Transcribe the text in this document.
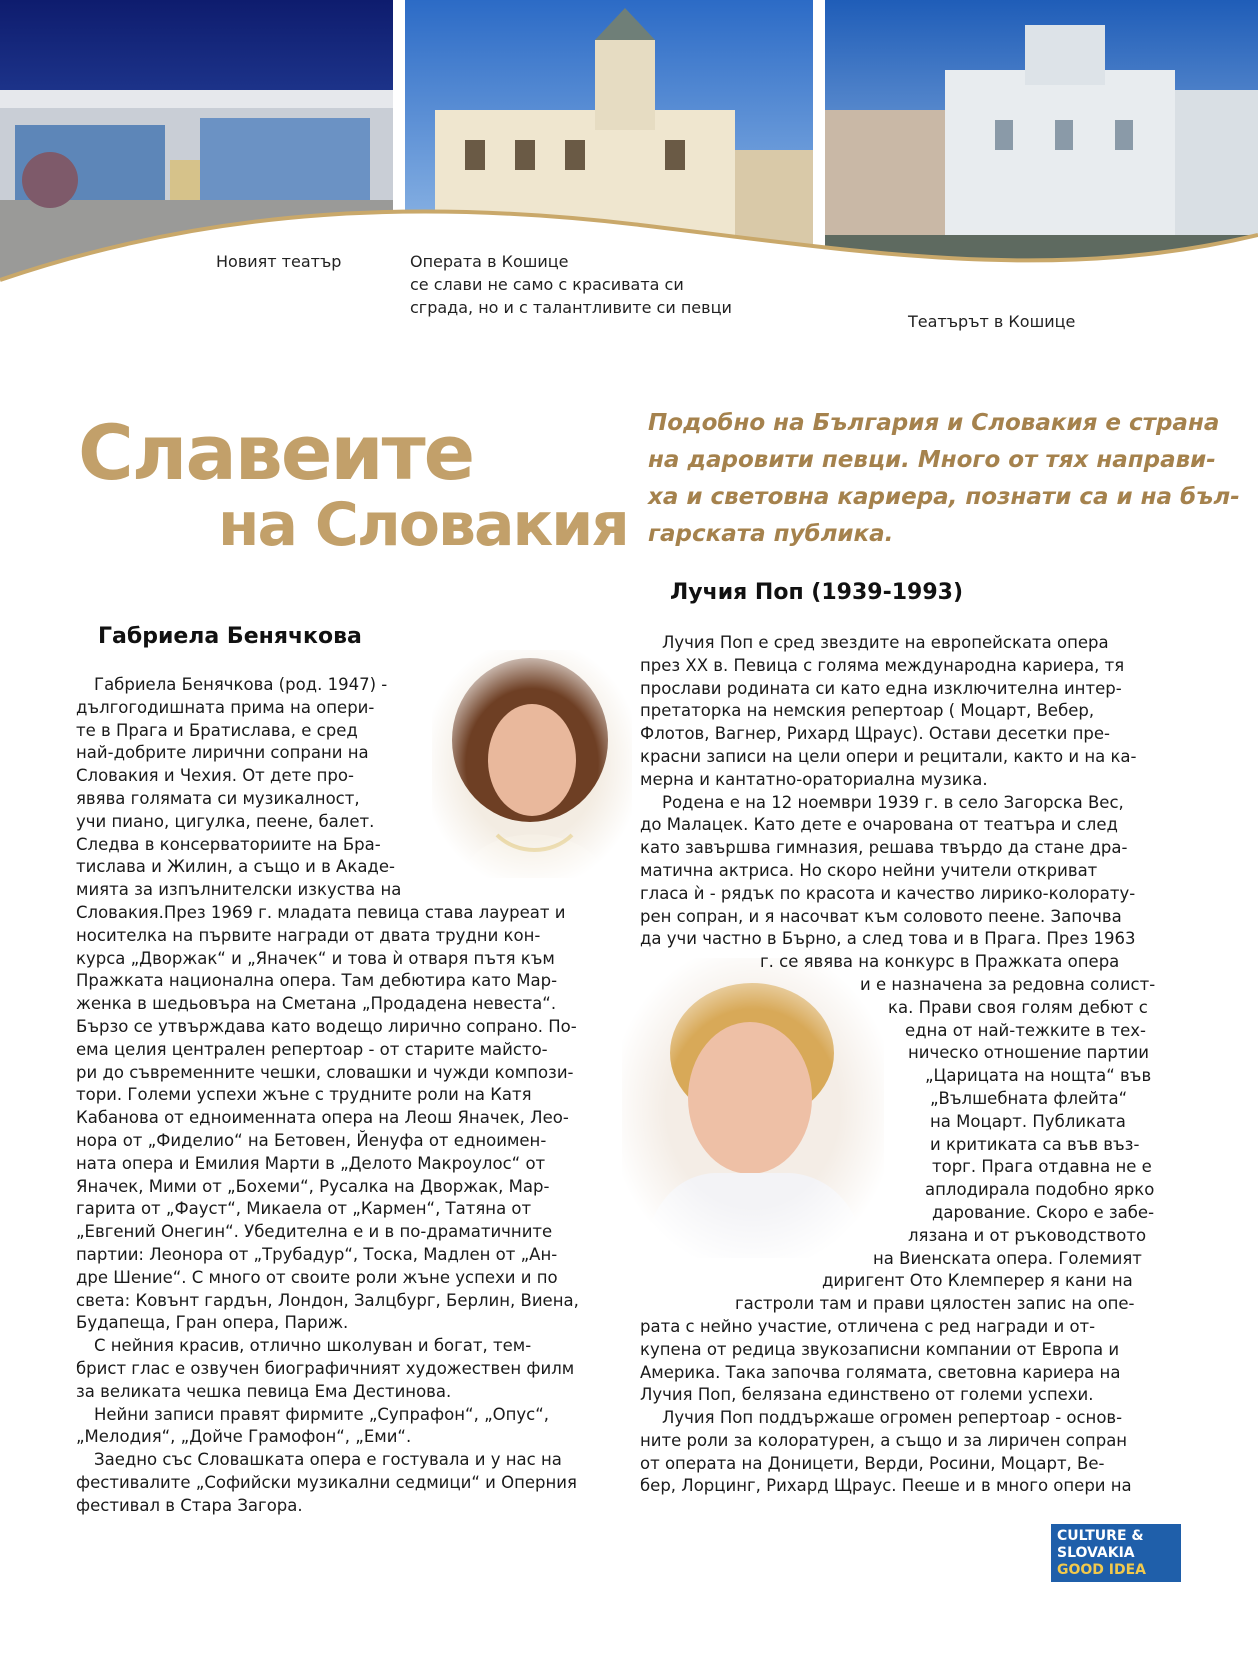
Новият театър	Операта в Кошице
се слави не само с красивата си
сграда, но и с талантливите си певци
Театърът в Кошице
Славеите
на Словакия
Подобно на България и Словакия е страна
на даровити певци. Много от тях направи-
ха и световна кариера, познати са и на бъл-
гарската публика.
Габриела Бенячкова
Лучия Поп (1939-1993)
Габриела Бенячкова (род. 1947) -
дългогодишната прима на опери-
те в Прага и Братислава, е сред
най-добрите лирични сопрани на
Словакия и Чехия. От дете про-
явява голямата си музикалност,
учи пиано, цигулка, пеене, балет.
Следва в консерваториите на Бра-
тислава и Жилин, а също и в Акаде-
мията за изпълнителски изкуства на
Словакия.През 1969 г. младата певица става лауреат и
носителка на първите награди от двата трудни кон-
курса „Дворжак“ и „Яначек“ и това ѝ отваря пътя към
Пражката национална опера. Там дебютира като Мар-
женка в шедьовъра на Сметана „Продадена невеста“.
Бързо се утвърждава като водещо лирично сопрано. По-
ема целия централен репертоар - от старите майсто-
ри до съвременните чешки, словашки и чужди компози-
тори. Големи успехи жъне с трудните роли на Катя
Кабанова от едноименната опера на Леош Яначек, Лео-
нора от „Фиделио“ на Бетовен, Йенуфа от едноимен-
ната опера и Емилия Марти в „Делото Макроулос“ от
Яначек, Мими от „Бохеми“, Русалка на Дворжак, Мар-
гарита от „Фауст“, Микаела от „Кармен“, Татяна от
„Евгений Онегин“. Убедителна е и в по-драматичните
партии: Леонора от „Трубадур“, Тоска, Мадлен от „Ан-
дре Шение“. С много от своите роли жъне успехи и по
света: Ковънт гардън, Лондон, Залцбург, Берлин, Виена,
Будапеща, Гран опера, Париж.
С нейния красив, отлично школуван и богат, тем-
брист глас е озвучен биографичният художествен филм
за великата чешка певица Ема Дестинова.
Нейни записи правят фирмите „Супрафон“, „Опус“,
„Мелодия“, „Дойче Грамофон“, „Еми“.
Заедно със Словашката опера е гостувала и у нас на
фестивалите „Софийски музикални седмици“ и Оперния
фестивал в Стара Загора.
Лучия Поп е сред звездите на европейската опера
през XX в. Певица с голяма международна кариера, тя
прослави родината си като една изключителна интер-
претаторка на немския репертоар ( Моцарт, Вебер,
Флотов, Вагнер, Рихард Щраус). Остави десетки пре-
красни записи на цели опери и рецитали, както и на ка-
мерна и кантатно-ораториална музика.
Родена е на 12 ноември 1939 г. в село Загорска Вес,
до Малацек. Като дете е очарована от театъра и след
като завършва гимназия, решава твърдо да стане дра-
матична актриса. Но скоро нейни учители откриват
гласа ѝ - рядък по красота и качество лирико-колорату-
рен сопран, и я насочват към соловото пеене. Започва
да учи частно в Бърно, а след това и в Прага. През 1963
г. се явява на конкурс в Пражката опера
и е назначена за редовна солист-
ка. Прави своя голям дебют с
една от най-тежките в тех-
ническо отношение партии
„Царицата на нощта“ във
„Вълшебната флейта“
на Моцарт. Публиката
и критиката са във въз-
торг. Прага отдавна не е
аплодирала подобно ярко
дарование. Скоро е забе-
лязана и от ръководството
на Виенската опера. Големият
диригент Ото Клемперер я кани на
гастроли там и прави цялостен запис на опе-
рата с нейно участие, отличена с ред награди и от-
купена от редица звукозаписни компании от Европа и
Америка. Така започва голямата, световна кариера на
Лучия Поп, белязана единствено от големи успехи.
Лучия Поп поддържаше огромен репертоар - основ-
ните роли за колоратурен, а също и за лиричен сопран
от операта на Доницети, Верди, Росини, Моцарт, Ве-
бер, Лорцинг, Рихард Щраус. Пееше и в много опери на
CULTURE &
SLOVAKIA
GOOD IDEA
